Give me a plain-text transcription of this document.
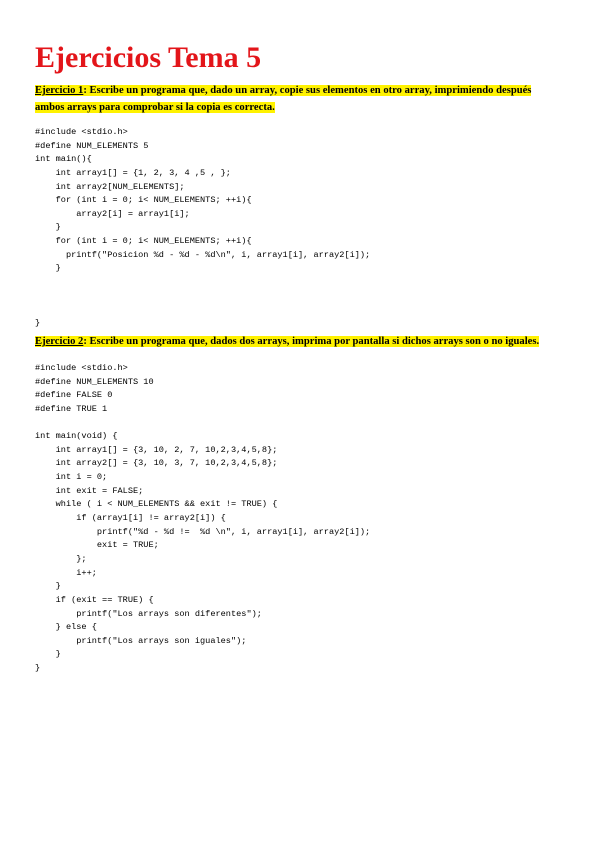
Ejercicios Tema 5

Ejercicio 1: Escribe un programa que, dado un array, copie sus elementos en otro array, imprimiendo después
ambos arrays para comprobar si la copia es correcta.

#include <stdio.h>
#define NUM_ELEMENTS 5
int main(){
int array1[] = {1, 2, 3, 4 ,5 , };
int array2[NUM_ELEMENTS];
for (int i = 0; i< NUM_ELEMENTS; ++i){
array2[i] = array1[i];
}
for (int i = 0; i< NUM_ELEMENTS; ++i){
printf("Posicion %d - %d - %d\n", i, array1[i], array2[i]);
}
}

Ejercicio 2: Escribe un programa que, dados dos arrays, imprima por pantalla si dichos arrays son o no iguales.

#include <stdio.h>
#define NUM_ELEMENTS 10
#define FALSE 0
#define TRUE 1
int main(void) {
int array1[] = {3, 10, 2, 7, 10,2,3,4,5,8};
int array2[] = {3, 10, 3, 7, 10,2,3,4,5,8};
int i = 0;
int exit = FALSE;
while ( i < NUM_ELEMENTS && exit != TRUE) {
if (array1[i] != array2[i]) {
printf("%d - %d !=  %d \n", i, array1[i], array2[i]);
exit = TRUE;
};
i++;
}
if (exit == TRUE) {
printf("Los arrays son diferentes");
} else {
printf("Los arrays son iguales");
}
}
